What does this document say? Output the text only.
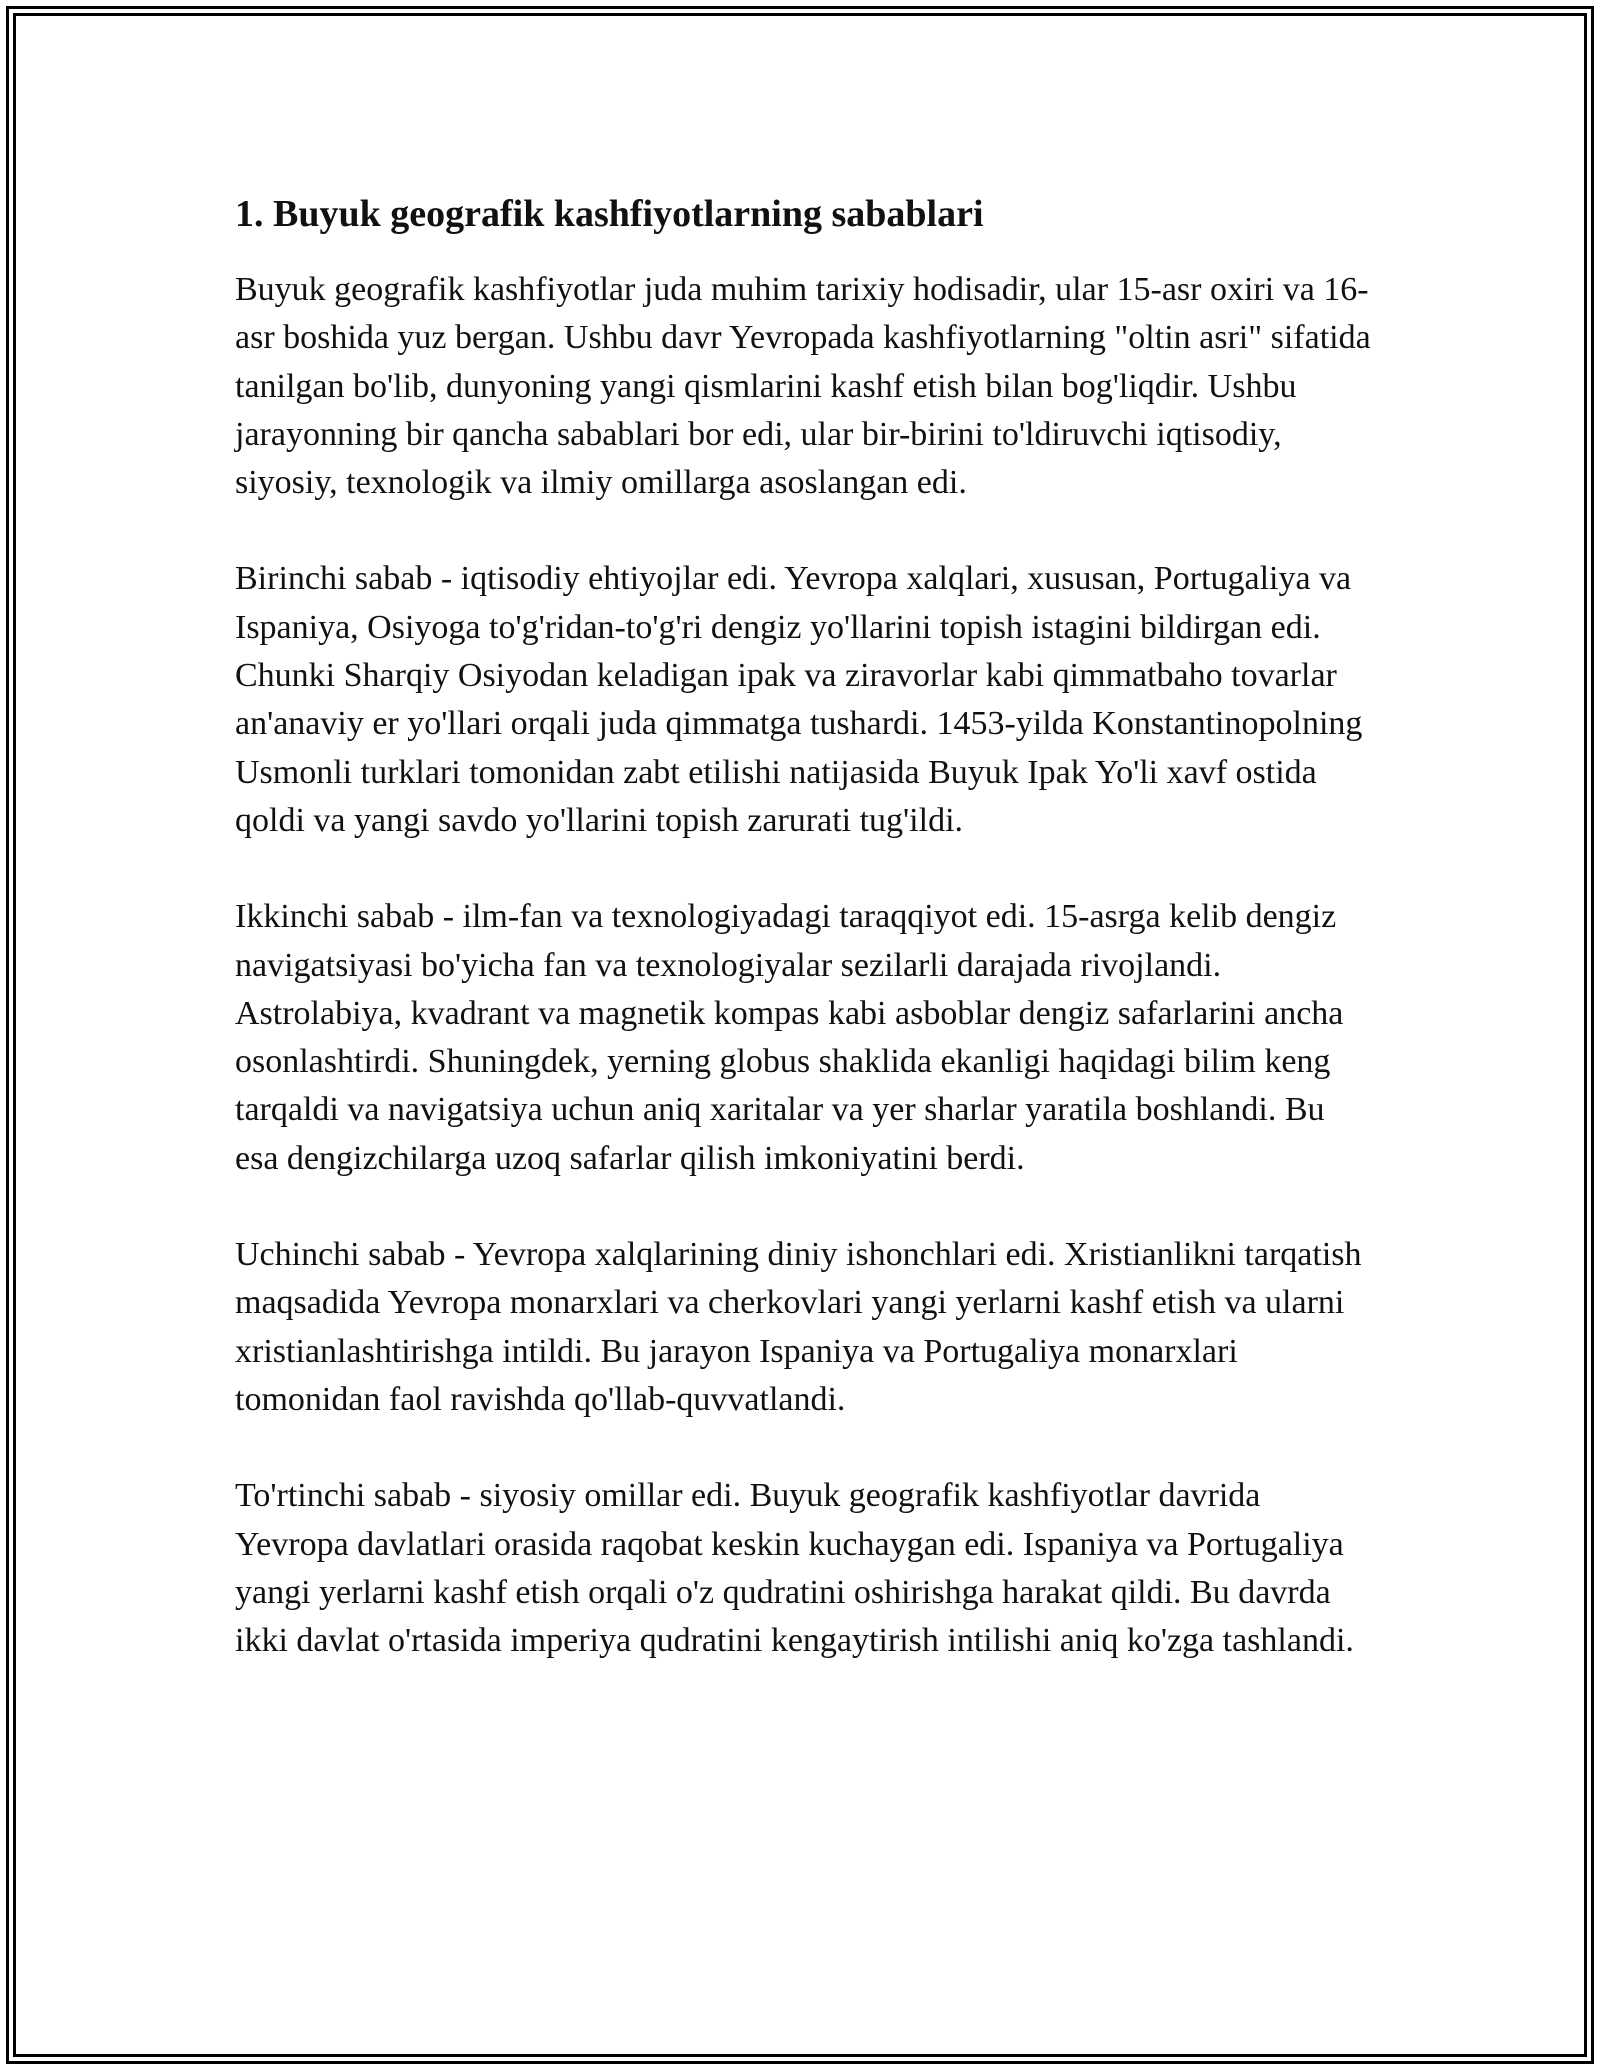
1. Buyuk geografik kashfiyotlarning sabablari

Buyuk geografik kashfiyotlar juda muhim tarixiy hodisadir, ular 15-asr oxiri va 16-asr boshida yuz bergan. Ushbu davr Yevropada kashfiyotlarning "oltin asri" sifatida tanilgan bo'lib, dunyoning yangi qismlarini kashf etish bilan bog'liqdir. Ushbu jarayonning bir qancha sabablari bor edi, ular bir-birini to'ldiruvchi iqtisodiy, siyosiy, texnologik va ilmiy omillarga asoslangan edi.

Birinchi sabab - iqtisodiy ehtiyojlar edi. Yevropa xalqlari, xususan, Portugaliya va Ispaniya, Osiyoga to'g'ridan-to'g'ri dengiz yo'llarini topish istagini bildirgan edi. Chunki Sharqiy Osiyodan keladigan ipak va ziravorlar kabi qimmatbaho tovarlar an'anaviy er yo'llari orqali juda qimmatga tushardi. 1453-yilda Konstantinopolning Usmonli turklari tomonidan zabt etilishi natijasida Buyuk Ipak Yo'li xavf ostida qoldi va yangi savdo yo'llarini topish zarurati tug'ildi.

Ikkinchi sabab - ilm-fan va texnologiyadagi taraqqiyot edi. 15-asrga kelib dengiz navigatsiyasi bo'yicha fan va texnologiyalar sezilarli darajada rivojlandi. Astrolabiya, kvadrant va magnetik kompas kabi asboblar dengiz safarlarini ancha osonlashtirdi. Shuningdek, yerning globus shaklida ekanligi haqidagi bilim keng tarqaldi va navigatsiya uchun aniq xaritalar va yer sharlar yaratila boshlandi. Bu esa dengizchilarga uzoq safarlar qilish imkoniyatini berdi.

Uchinchi sabab - Yevropa xalqlarining diniy ishonchlari edi. Xristianlikni tarqatish maqsadida Yevropa monarxlari va cherkovlari yangi yerlarni kashf etish va ularni xristianlashtirishga intildi. Bu jarayon Ispaniya va Portugaliya monarxlari tomonidan faol ravishda qo'llab-quvvatlandi.

To'rtinchi sabab - siyosiy omillar edi. Buyuk geografik kashfiyotlar davrida Yevropa davlatlari orasida raqobat keskin kuchaygan edi. Ispaniya va Portugaliya yangi yerlarni kashf etish orqali o'z qudratini oshirishga harakat qildi. Bu davrda ikki davlat o'rtasida imperiya qudratini kengaytirish intilishi aniq ko'zga tashlandi.
